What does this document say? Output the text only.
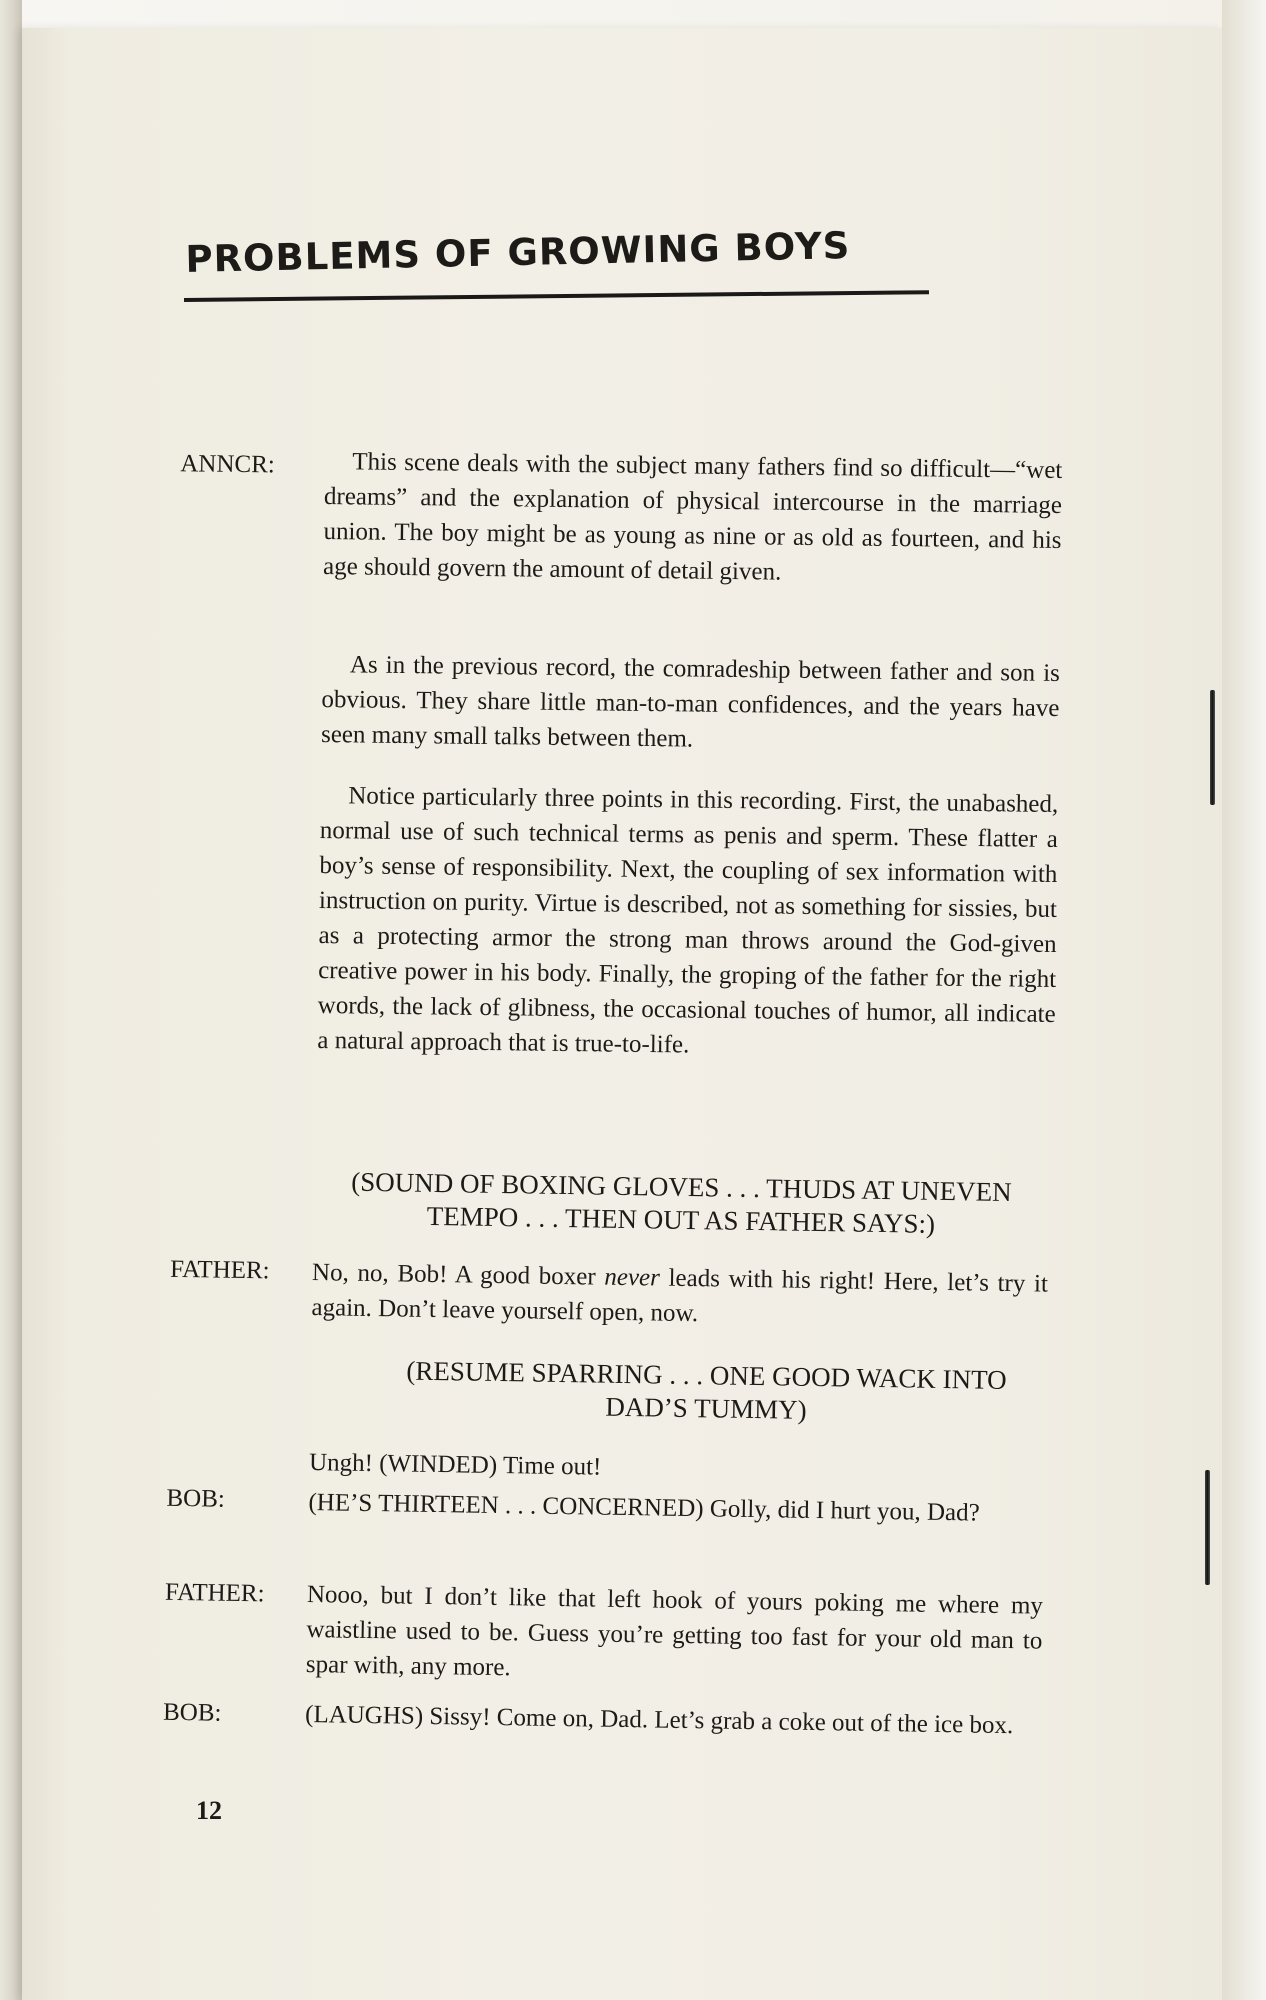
PROBLEMS OF GROWING BOYS
ANNCR:	This scene deals with the subject many fathers find so difficult—“wet dreams” and the explanation of physical intercourse in the marriage union. The boy might be as young as nine or as old as fourteen, and his age should govern the amount of detail given.

As in the previous record, the comradeship between father and son is obvious. They share little man-to-man confidences, and the years have seen many small talks between them.

Notice particularly three points in this recording. First, the unabashed, normal use of such technical terms as penis and sperm. These flatter a boy’s sense of responsibility. Next, the coupling of sex information with instruction on purity. Virtue is described, not as something for sissies, but as a protecting armor the strong man throws around the God-given creative power in his body. Finally, the groping of the father for the right words, the lack of glibness, the occasional touches of humor, all indicate a natural approach that is true-to-life.

(SOUND OF BOXING GLOVES . . . THUDS AT UNEVEN
TEMPO . . . THEN OUT AS FATHER SAYS:)
FATHER: No, no, Bob! A good boxer never leads with his right! Here, let’s try it again. Don’t leave yourself open, now.

(RESUME SPARRING . . . ONE GOOD WACK INTO
DAD’S TUMMY)

Ungh! (WINDED) Time out!

BOB:	(HE’S THIRTEEN . . . CONCERNED) Golly, did I hurt you, Dad?

FATHER: Nooo, but I don’t like that left hook of yours poking me where my waistline used to be. Guess you’re getting too fast for your old man to spar with, any more.

BOB:	(LAUGHS) Sissy! Come on, Dad. Let’s grab a coke out of the ice box.

12
